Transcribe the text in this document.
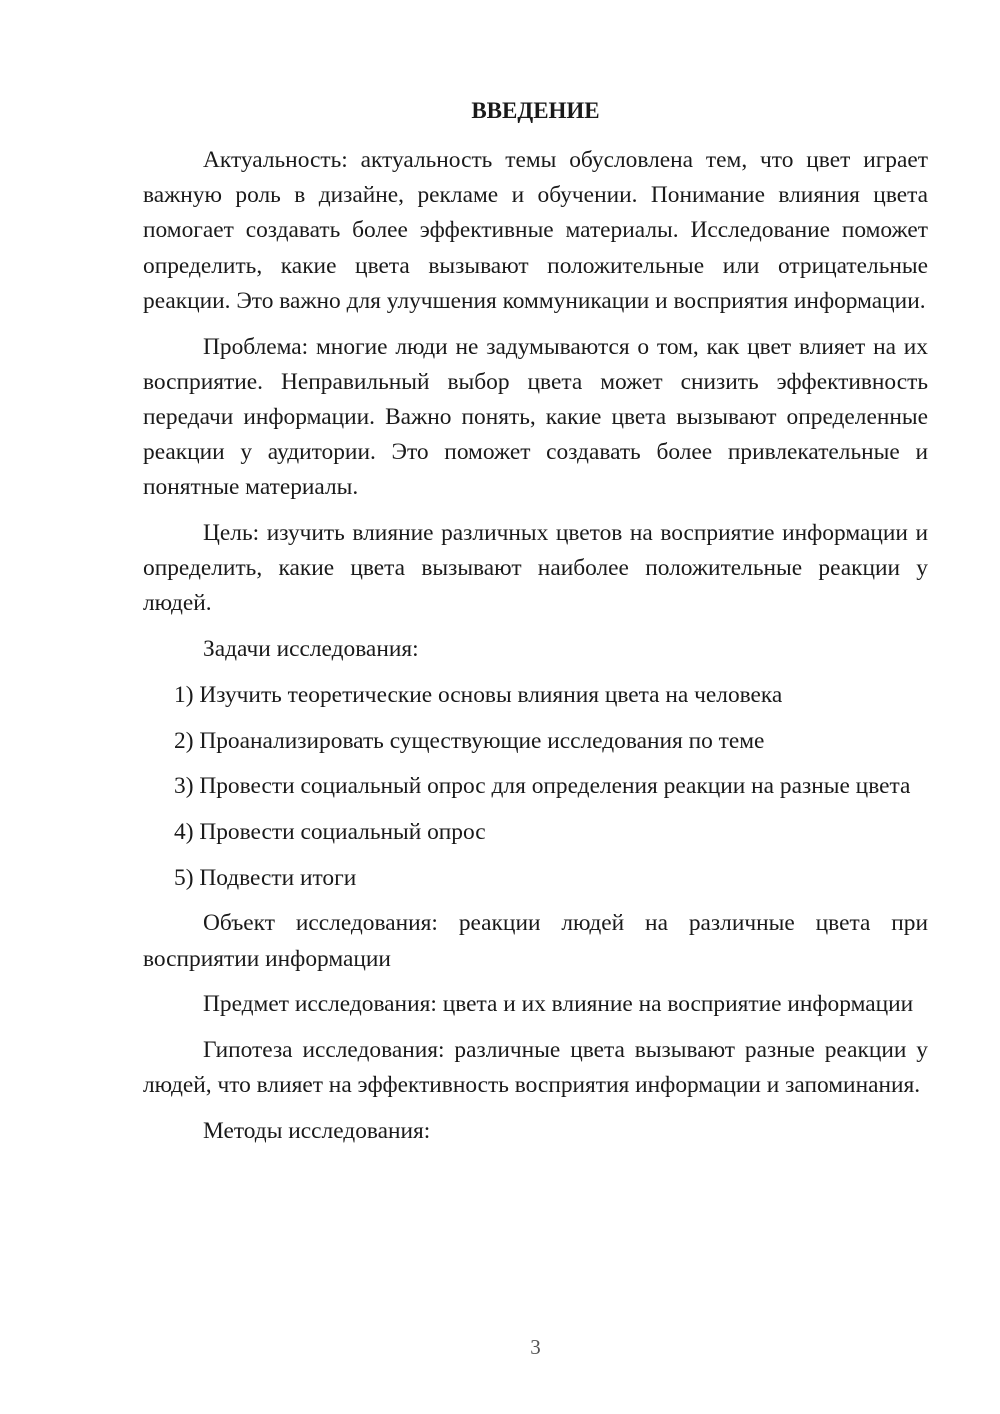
ВВЕДЕНИЕ

Актуальность: актуальность темы обусловлена тем, что цвет играет важную роль в дизайне, рекламе и обучении. Понимание влияния цвета помогает создавать более эффективные материалы. Исследование поможет определить, какие цвета вызывают положительные или отрицательные реакции. Это важно для улучшения коммуникации и восприятия информации.

Проблема: многие люди не задумываются о том, как цвет влияет на их восприятие. Неправильный выбор цвета может снизить эффективность передачи информации. Важно понять, какие цвета вызывают определенные реакции у аудитории. Это поможет создавать более привлекательные и понятные материалы.

Цель: изучить влияние различных цветов на восприятие информации и определить, какие цвета вызывают наиболее положительные реакции у людей.

Задачи исследования:

1) Изучить теоретические основы влияния цвета на человека

2) Проанализировать существующие исследования по теме

3) Провести социальный опрос для определения реакции на разные цвета

4) Провести социальный опрос

5) Подвести итоги

Объект исследования: реакции людей на различные цвета при восприятии информации

Предмет исследования: цвета и их влияние на восприятие информации

Гипотеза исследования: различные цвета вызывают разные реакции у людей, что влияет на эффективность восприятия информации и запоминания.

Методы исследования:

3
